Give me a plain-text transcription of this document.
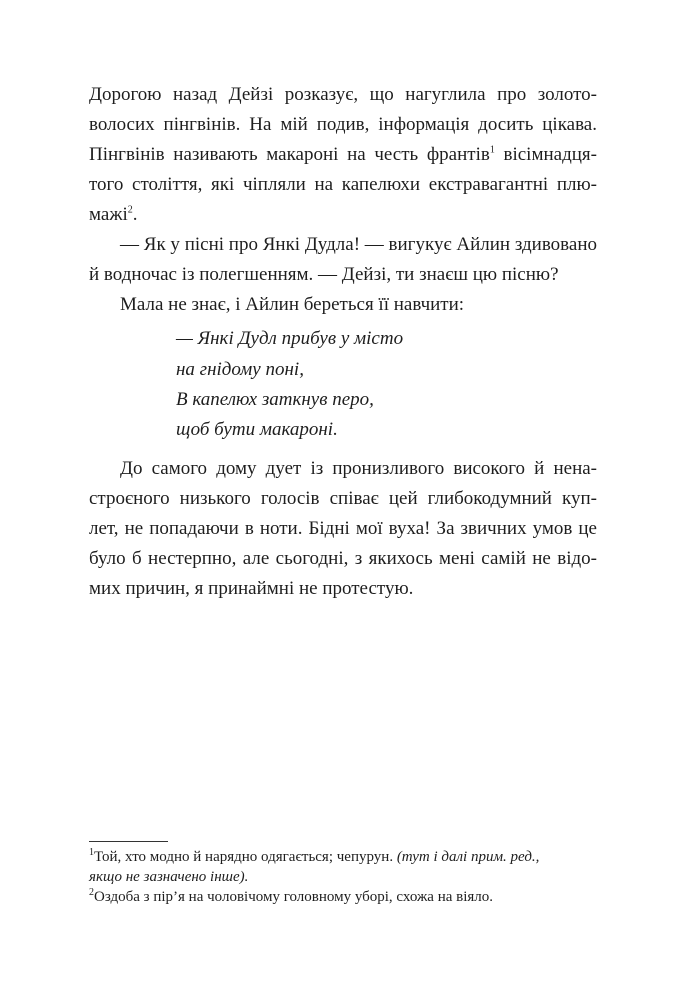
Дорогою назад Дейзі розказує, що нагуглила про золото-
волосих пінгвінів. На мій подив, інформація досить цікава.
Пінгвінів називають макароні на честь франтів$^1$ вісімнадця-
того століття, які чіпляли на капелюхи екстравагантні плю-
мажі$^2$.
— Як у пісні про Янкі Дудла! — вигукує Айлин здивовано
й водночас із полегшенням. — Дейзі, ти знаєш цю пісню?
Мала не знає, і Айлин береться її навчити:
— Янкі Дудл прибув у місто
на гнідому поні,
В капелюх заткнув перо,
щоб бути макароні.
До самого дому дует із пронизливого високого й нена-
строєного низького голосів співає цей глибокодумний куп-
лет, не попадаючи в ноти. Бідні мої вуха! За звичних умов це
було б нестерпно, але сьогодні, з якихось мені самій не відо-
мих причин, я принаймні не протестую.
$^1$Той, хто модно й нарядно одягається; чепурун. (тут і далі прим. ред.,
якщо не зазначено інше).
$^2$Оздоба з пір’я на чоловічому головному уборі, схожа на віяло.
